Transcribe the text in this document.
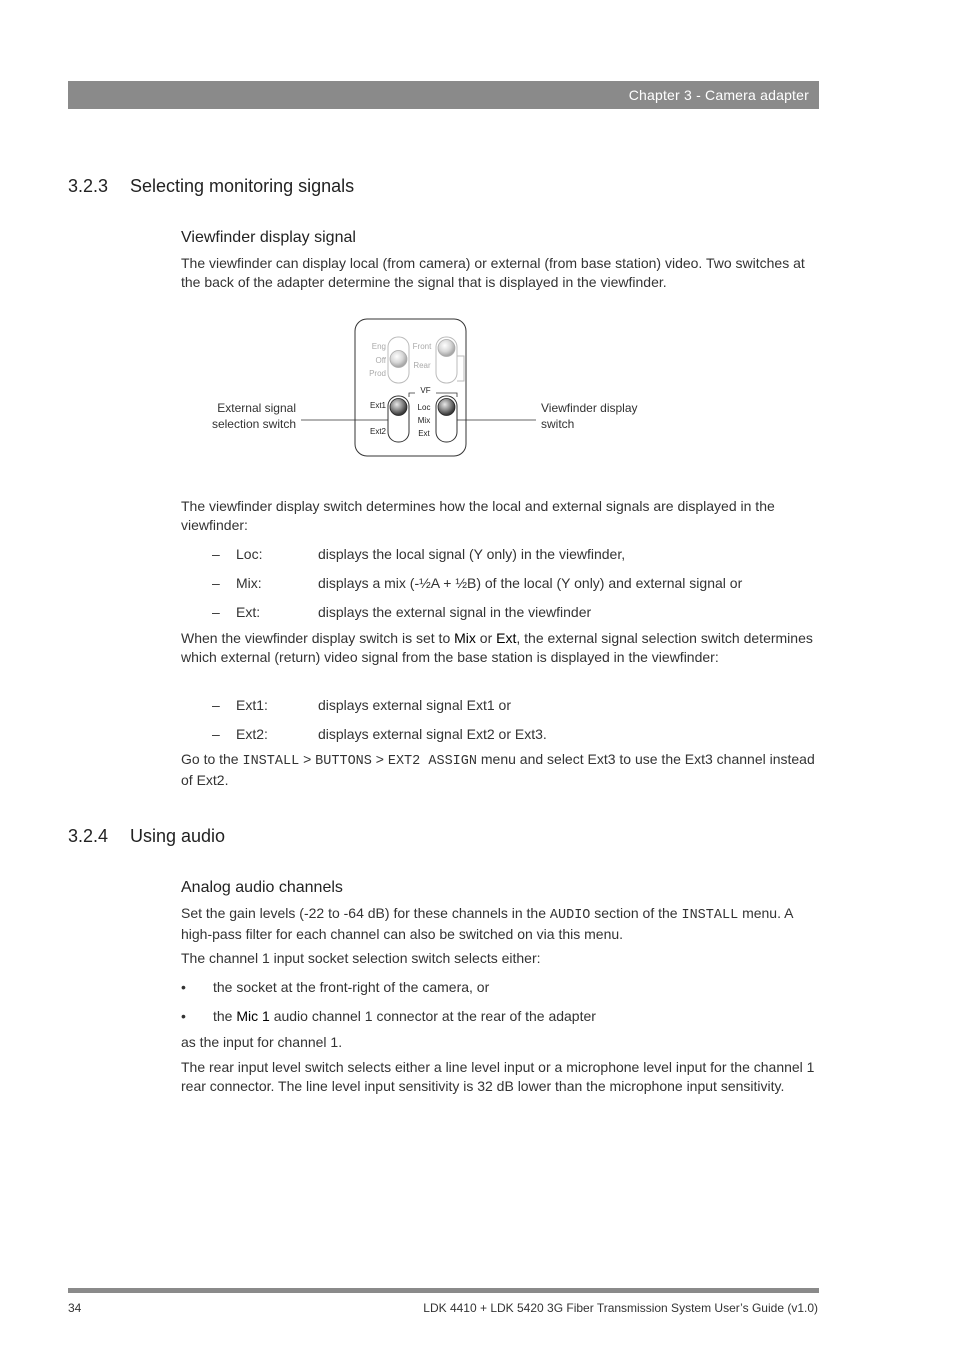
Chapter 3 - Camera adapter
3.2.3 Selecting monitoring signals
Viewfinder display signal
The viewfinder can display local (from camera) or external (from base station) video. Two switches at the back of the adapter determine the signal that is displayed in the viewfinder.
External signal
selection switch
Viewfinder display
switch
Eng
Off
Prod
Front
Rear
VF
Ext1
Ext2
Loc
Mix
Ext
The viewfinder display switch determines how the local and external signals are displayed in the viewfinder:
– Loc:	displays the local signal (Y only) in the viewfinder,
– Mix:	displays a mix (-½A + ½B) of the local (Y only) and external signal or
– Ext:	displays the external signal in the viewfinder
When the viewfinder display switch is set to Mix or Ext, the external signal selection switch determines which external (return) video signal from the base station is displayed in the viewfinder:
– Ext1:	displays external signal Ext1 or
– Ext2:	displays external signal Ext2 or Ext3.
Go to the INSTALL > BUTTONS > EXT2 ASSIGN menu and select Ext3 to use the Ext3 channel instead of Ext2.
3.2.4 Using audio
Analog audio channels
Set the gain levels (-22 to -64 dB) for these channels in the AUDIO section of the INSTALL menu. A high-pass filter for each channel can also be switched on via this menu.
The channel 1 input socket selection switch selects either:
• the socket at the front-right of the camera, or
• the Mic 1 audio channel 1 connector at the rear of the adapter
as the input for channel 1.
The rear input level switch selects either a line level input or a microphone level input for the channel 1 rear connector. The line level input sensitivity is 32 dB lower than the microphone input sensitivity.
34	LDK 4410 + LDK 5420 3G Fiber Transmission System User’s Guide (v1.0)
